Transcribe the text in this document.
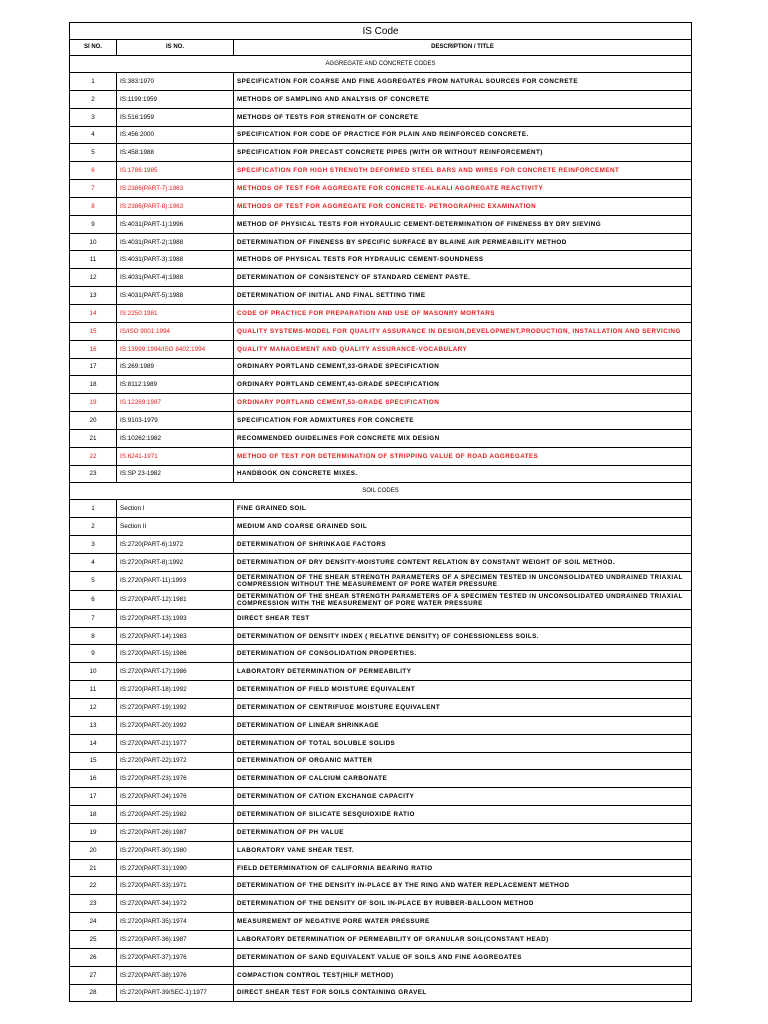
IS Code		
Sl NO.	IS NO.	DESCRIPTION / TITLE
AGGREGATE AND CONCRETE CODES		
1	IS:383:1970	SPECIFICATION FOR COARSE AND FINE AGGREGATES FROM NATURAL SOURCES FOR CONCRETE
2	IS:1199:1959	METHODS OF SAMPLING AND ANALYSIS OF CONCRETE
3	IS:516:1959	METHODS OF TESTS FOR STRENGTH OF CONCRETE
4	IS:456:2000	SPECIFICATION FOR CODE OF PRACTICE FOR PLAIN AND REINFORCED CONCRETE.
5	IS:458:1988	SPECIFICATION FOR PRECAST CONCRETE PIPES (WITH OR WITHOUT REINFORCEMENT)
6	IS:1786:1985	SPECIFICATION FOR HIGH STRENGTH DEFORMED STEEL BARS AND WIRES FOR CONCRETE REINFORCEMENT
7	IS:2386(PART-7):1963	METHODS OF TEST FOR AGGREGATE FOR CONCRETE-ALKALI AGGREGATE REACTIVITY
8	IS:2386(PART-8):1963	METHODS OF TEST FOR AGGREGATE FOR CONCRETE- PETROGRAPHIC EXAMINATION
9	IS:4031(PART-1):1996	METHOD OF PHYSICAL TESTS FOR HYDRAULIC CEMENT-DETERMINATION OF FINENESS BY DRY SIEVING
10	IS:4031(PART-2):1988	DETERMINATION OF FINENESS BY SPECIFIC SURFACE BY BLAINE AIR PERMEABILITY METHOD
11	IS:4031(PART-3):1988	METHODS OF PHYSICAL TESTS FOR HYDRAULIC CEMENT-SOUNDNESS
12	IS:4031(PART-4):1988	DETERMINATION OF CONSISTENCY OF STANDARD CEMENT PASTE.
13	IS:4031(PART-5):1988	DETERMINATION OF INITIAL AND FINAL SETTING TIME
14	IS:2250:1981	CODE OF PRACTICE FOR PREPARATION AND USE OF MASONRY MORTARS
15	IS/ISO 9001:1994	QUALITY SYSTEMS-MODEL FOR QUALITY ASSURANCE IN DESIGN,DEVELOPMENT,PRODUCTION, INSTALLATION AND SERVICING
16	IS:13999:1994/ISO 8402:1994	QUALITY MANAGEMENT AND QUALITY ASSURANCE-VOCABULARY
17	IS:269:1989	ORDINARY PORTLAND CEMENT,33-GRADE SPECIFICATION
18	IS:8112:1989	ORDINARY PORTLAND CEMENT,43-GRADE SPECIFICATION
19	IS:12269:1987	ORDINARY PORTLAND CEMENT,53-GRADE SPECIFICATION
20	IS:9103-1979	SPECIFICATION FOR ADMIXTURES FOR CONCRETE
21	IS:10262:1982	RECOMMENDED GUIDELINES FOR CONCRETE MIX DESIGN
22	IS:6241-1971	METHOD OF TEST FOR DETERMINATION OF STRIPPING VALUE OF ROAD AGGREGATES
23	IS:SP 23-1982	HANDBOOK ON CONCRETE MIXES.
SOIL CODES		
1	Section I	FINE GRAINED SOIL
2	Section II	MEDIUM AND COARSE GRAINED SOIL
3	IS:2720(PART-6):1972	DETERMINATION OF SHRINKAGE FACTORS
4	IS:2720(PART-8):1992	DETERMINATION OF DRY DENSITY-MOISTURE CONTENT RELATION BY CONSTANT WEIGHT OF SOIL METHOD.
5	IS:2720(PART-11):1993	DETERMINATION OF THE SHEAR STRENGTH PARAMETERS OF A SPECIMEN TESTED IN UNCONSOLIDATED UNDRAINED TRIAXIAL COMPRESSION WITHOUT THE MEASUREMENT OF PORE WATER PRESSURE
6	IS:2720(PART-12):1981	DETERMINATION OF THE SHEAR STRENGTH PARAMETERS OF A SPECIMEN TESTED IN UNCONSOLIDATED UNDRAINED TRIAXIAL COMPRESSION WITH THE MEASUREMENT OF PORE WATER PRESSURE
7	IS:2720(PART-13):1993	DIRECT SHEAR TEST
8	IS:2720(PART-14):1983	DETERMINATION OF DENSITY INDEX ( RELATIVE DENSITY) OF COHESSIONLESS SOILS.
9	IS:2720(PART-15):1986	DETERMINATION OF CONSOLIDATION PROPERTIES.
10	IS:2720(PART-17):1986	LABORATORY DETERMINATION OF PERMEABILITY
11	IS:2720(PART-18):1992	DETERMINATION OF FIELD MOISTURE EQUIVALENT
12	IS:2720(PART-19):1992	DETERMINATION OF CENTRIFUGE MOISTURE EQUIVALENT
13	IS:2720(PART-20):1992	DETERMINATION OF LINEAR SHRINKAGE
14	IS:2720(PART-21):1977	DETERMINATION OF TOTAL SOLUBLE SOLIDS
15	IS:2720(PART-22):1972	DETERMINATION OF ORGANIC MATTER
16	IS:2720(PART-23):1976	DETERMINATION OF CALCIUM CARBONATE
17	IS:2720(PART-24):1976	DETERMINATION OF CATION EXCHANGE CAPACITY
18	IS:2720(PART-25):1982	DETERMINATION OF SILICATE SESQUIOXIDE RATIO
19	IS:2720(PART-26):1987	DETERMINATION OF PH VALUE
20	IS:2720(PART-30):1980	LABORATORY VANE SHEAR TEST.
21	IS:2720(PART-31):1990	FIELD DETERMINATION OF CALIFORNIA BEARING RATIO
22	IS:2720(PART-33):1971	DETERMINATION OF THE DENSITY IN-PLACE BY THE RING AND WATER REPLACEMENT METHOD
23	IS:2720(PART-34):1972	DETERMINATION OF THE DENSITY OF SOIL IN-PLACE BY RUBBER-BALLOON METHOD
24	IS:2720(PART-35):1974	MEASUREMENT OF NEGATIVE PORE WATER PRESSURE
25	IS:2720(PART-36):1987	LABORATORY DETERMINATION OF PERMEABILITY OF GRANULAR SOIL(CONSTANT HEAD)
26	IS:2720(PART-37):1976	DETERMINATION OF SAND EQUIVALENT VALUE OF SOILS AND FINE AGGREGATES
27	IS:2720(PART-38):1976	COMPACTION CONTROL TEST(HILF METHOD)
28	IS:2720(PART-39/SEC-1):1977	DIRECT SHEAR TEST FOR SOILS CONTAINING GRAVEL
